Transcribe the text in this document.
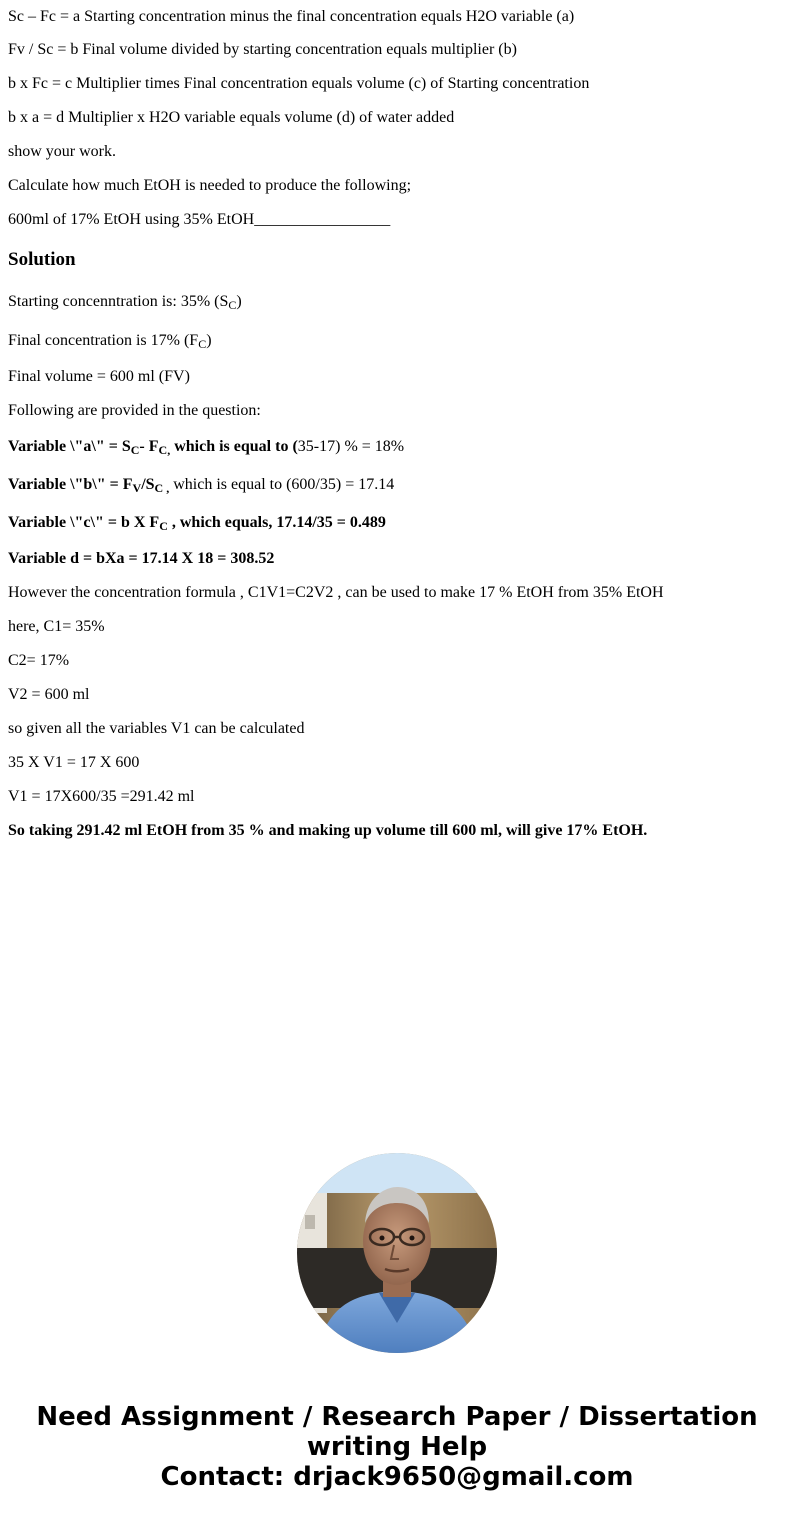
Sc – Fc = a Starting concentration minus the final concentration equals H2O variable (a)

Fv / Sc = b Final volume divided by starting concentration equals multiplier (b)

b x Fc = c Multiplier times Final concentration equals volume (c) of Starting concentration

b x a = d Multiplier x H2O variable equals volume (d) of water added

show your work.

Calculate how much EtOH is needed to produce the following;

600ml of 17% EtOH using 35% EtOH_________________

Solution

Starting concenntration is: 35% $(S_C)$

Final concentration is 17% $(F_C)$

Final volume = 600 ml (FV)

Following are provided in the question:

Variable \"a\" = $S_C-$ $F_{C,}$ which is equal to (35-17) % = 18%

Variable \"b\" = $F_V/S_{C ,}$ which is equal to (600/35) = 17.14

Variable \"c\" = b X $F_C$ , which equals, 17.14/35 = 0.489

Variable d = bXa = 17.14 X 18 = 308.52

However the concentration formula , C1V1=C2V2 , can be used to make 17 % EtOH from 35% EtOH

here, C1= 35%

C2= 17%

V2 = 600 ml

so given all the variables V1 can be calculated

35 X V1 = 17 X 600

V1 = 17X600/35 =291.42 ml

So taking 291.42 ml EtOH from 35 % and making up volume till 600 ml, will give 17% EtOH.

Need Assignment / Research Paper / Dissertation
writing Help
Contact: drjack9650@gmail.com
